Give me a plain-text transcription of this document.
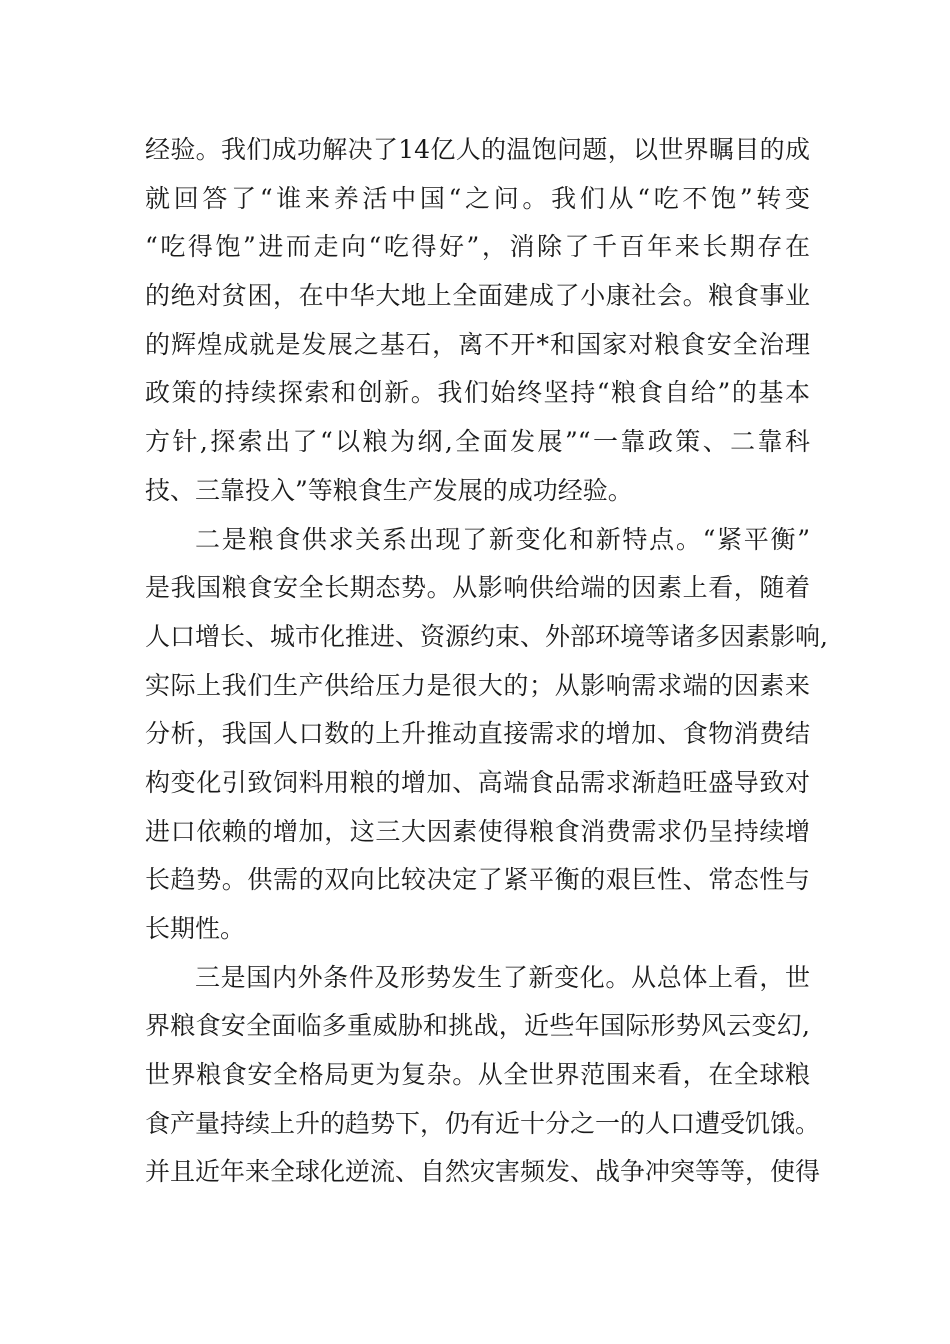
经验。我们成功解决了14亿人的温饱问题，以世界瞩目的成
就回答了“谁来养活中国“之问。我们从“吃不饱”转变
“吃得饱”进而走向“吃得好”，消除了千百年来长期存在
的绝对贫困，在中华大地上全面建成了小康社会。粮食事业
的辉煌成就是发展之基石，离不开*和国家对粮食安全治理
政策的持续探索和创新。我们始终坚持“粮食自给”的基本
方针,探索出了“以粮为纲,全面发展”“一靠政策、二靠科
技、三靠投入”等粮食生产发展的成功经验。
二是粮食供求关系出现了新变化和新特点。“紧平衡”
是我国粮食安全长期态势。从影响供给端的因素上看，随着
人口增长、城市化推进、资源约束、外部环境等诸多因素影响,
实际上我们生产供给压力是很大的；从影响需求端的因素来
分析，我国人口数的上升推动直接需求的增加、食物消费结
构变化引致饲料用粮的增加、高端食品需求渐趋旺盛导致对
进口依赖的增加，这三大因素使得粮食消费需求仍呈持续增
长趋势。供需的双向比较决定了紧平衡的艰巨性、常态性与
长期性。
三是国内外条件及形势发生了新变化。从总体上看，世
界粮食安全面临多重威胁和挑战，近些年国际形势风云变幻,
世界粮食安全格局更为复杂。从全世界范围来看，在全球粮
食产量持续上升的趋势下，仍有近十分之一的人口遭受饥饿。
并且近年来全球化逆流、自然灾害频发、战争冲突等等，使得
